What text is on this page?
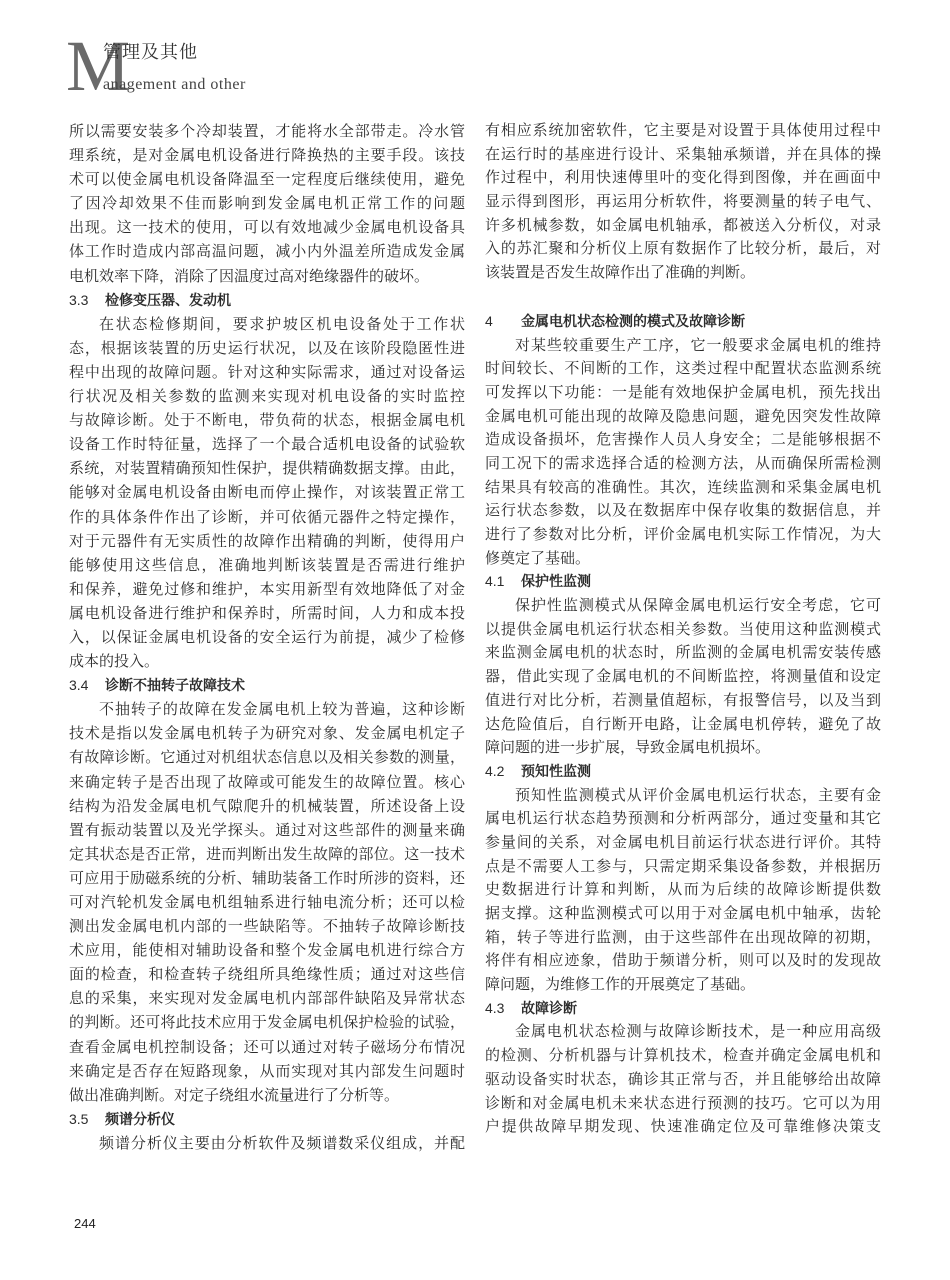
M
管理及其他
anagement and other
所以需要安装多个冷却装置，才能将水全部带走。冷水管
理系统，是对金属电机设备进行降换热的主要手段。该技
术可以使金属电机设备降温至一定程度后继续使用，避免
了因冷却效果不佳而影响到发金属电机正常工作的问题
出现。这一技术的使用，可以有效地减少金属电机设备具
体工作时造成内部高温问题，减小内外温差所造成发金属
电机效率下降，消除了因温度过高对绝缘器件的破坏。
3.3 检修变压器、发动机
在状态检修期间，要求护坡区机电设备处于工作状
态，根据该装置的历史运行状况，以及在该阶段隐匿性进
程中出现的故障问题。针对这种实际需求，通过对设备运
行状况及相关参数的监测来实现对机电设备的实时监控
与故障诊断。处于不断电，带负荷的状态，根据金属电机
设备工作时特征量，选择了一个最合适机电设备的试验软
系统，对装置精确预知性保护，提供精确数据支撑。由此，
能够对金属电机设备由断电而停止操作，对该装置正常工
作的具体条件作出了诊断，并可依循元器件之特定操作，
对于元器件有无实质性的故障作出精确的判断，使得用户
能够使用这些信息，准确地判断该装置是否需进行维护
和保养，避免过修和维护，本实用新型有效地降低了对金
属电机设备进行维护和保养时，所需时间，人力和成本投
入，以保证金属电机设备的安全运行为前提，减少了检修
成本的投入。
3.4 诊断不抽转子故障技术
不抽转子的故障在发金属电机上较为普遍，这种诊断
技术是指以发金属电机转子为研究对象、发金属电机定子
有故障诊断。它通过对机组状态信息以及相关参数的测量，
来确定转子是否出现了故障或可能发生的故障位置。核心
结构为沿发金属电机气隙爬升的机械装置，所述设备上设
置有振动装置以及光学探头。通过对这些部件的测量来确
定其状态是否正常，进而判断出发生故障的部位。这一技术
可应用于励磁系统的分析、辅助装备工作时所涉的资料，还
可对汽轮机发金属电机组轴系进行轴电流分析；还可以检
测出发金属电机内部的一些缺陷等。不抽转子故障诊断技
术应用，能使相对辅助设备和整个发金属电机进行综合方
面的检查，和检查转子绕组所具绝缘性质；通过对这些信
息的采集，来实现对发金属电机内部部件缺陷及异常状态
的判断。还可将此技术应用于发金属电机保护检验的试验，
查看金属电机控制设备；还可以通过对转子磁场分布情况
来确定是否存在短路现象，从而实现对其内部发生问题时
做出准确判断。对定子绕组水流量进行了分析等。
3.5 频谱分析仪
频谱分析仪主要由分析软件及频谱数采仪组成，并配
有相应系统加密软件，它主要是对设置于具体使用过程中
在运行时的基座进行设计、采集轴承频谱，并在具体的操
作过程中，利用快速傅里叶的变化得到图像，并在画面中
显示得到图形，再运用分析软件，将要测量的转子电气、
许多机械参数，如金属电机轴承，都被送入分析仪，对录
入的苏汇聚和分析仪上原有数据作了比较分析，最后，对
该装置是否发生故障作出了准确的判断。
4 金属电机状态检测的模式及故障诊断
对某些较重要生产工序，它一般要求金属电机的维持
时间较长、不间断的工作，这类过程中配置状态监测系统
可发挥以下功能：一是能有效地保护金属电机，预先找出
金属电机可能出现的故障及隐患问题，避免因突发性故障
造成设备损坏，危害操作人员人身安全；二是能够根据不
同工况下的需求选择合适的检测方法，从而确保所需检测
结果具有较高的准确性。其次，连续监测和采集金属电机
运行状态参数，以及在数据库中保存收集的数据信息，并
进行了参数对比分析，评价金属电机实际工作情况，为大
修奠定了基础。
4.1 保护性监测
保护性监测模式从保障金属电机运行安全考虑，它可
以提供金属电机运行状态相关参数。当使用这种监测模式
来监测金属电机的状态时，所监测的金属电机需安装传感
器，借此实现了金属电机的不间断监控，将测量值和设定
值进行对比分析，若测量值超标，有报警信号，以及当到
达危险值后，自行断开电路，让金属电机停转，避免了故
障问题的进一步扩展，导致金属电机损坏。
4.2 预知性监测
预知性监测模式从评价金属电机运行状态，主要有金
属电机运行状态趋势预测和分析两部分，通过变量和其它
参量间的关系，对金属电机目前运行状态进行评价。其特
点是不需要人工参与，只需定期采集设备参数，并根据历
史数据进行计算和判断，从而为后续的故障诊断提供数
据支撑。这种监测模式可以用于对金属电机中轴承，齿轮
箱，转子等进行监测，由于这些部件在出现故障的初期，
将伴有相应迹象，借助于频谱分析，则可以及时的发现故
障问题，为维修工作的开展奠定了基础。
4.3 故障诊断
金属电机状态检测与故障诊断技术，是一种应用高级
的检测、分析机器与计算机技术，检查并确定金属电机和
驱动设备实时状态，确诊其正常与否，并且能够给出故障
诊断和对金属电机未来状态进行预测的技巧。它可以为用
户提供故障早期发现、快速准确定位及可靠维修决策支
244
